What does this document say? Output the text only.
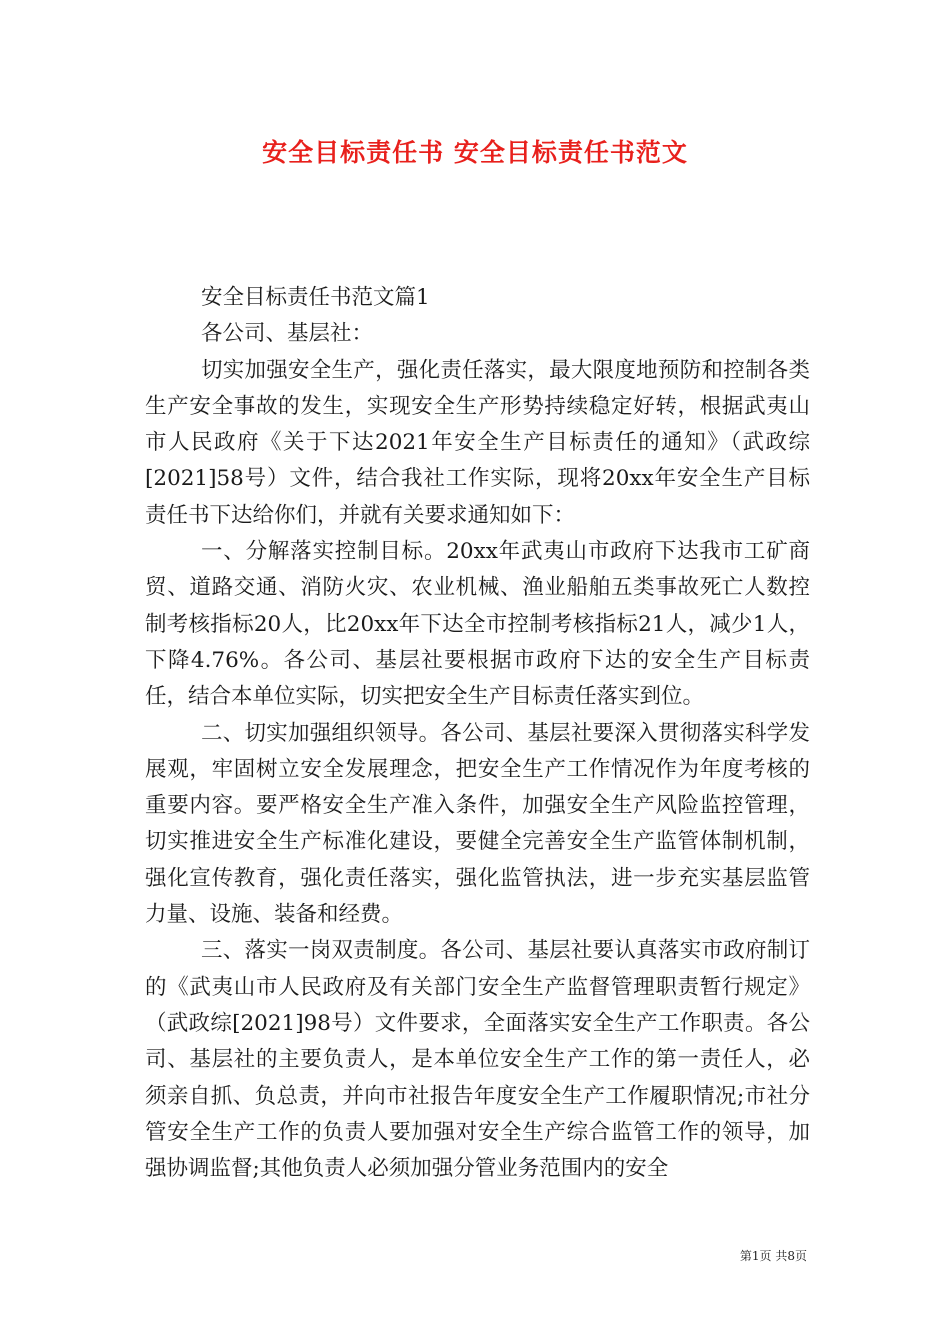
安全目标责任书 安全目标责任书范文

安全目标责任书范文篇1

各公司、基层社：

切实加强安全生产，强化责任落实，最大限度地预防和控制各类生产安全事故的发生，实现安全生产形势持续稳定好转，根据武夷山市人民政府《关于下达2021年安全生产目标责任的通知》（武政综[2021]58号）文件，结合我社工作实际，现将20xx年安全生产目标责任书下达给你们，并就有关要求通知如下：

一、分解落实控制目标。20xx年武夷山市政府下达我市工矿商贸、道路交通、消防火灾、农业机械、渔业船舶五类事故死亡人数控制考核指标20人，比20xx年下达全市控制考核指标21人，减少1人，下降4.76%。各公司、基层社要根据市政府下达的安全生产目标责任，结合本单位实际，切实把安全生产目标责任落实到位。

二、切实加强组织领导。各公司、基层社要深入贯彻落实科学发展观，牢固树立安全发展理念，把安全生产工作情况作为年度考核的重要内容。要严格安全生产准入条件，加强安全生产风险监控管理，切实推进安全生产标准化建设，要健全完善安全生产监管体制机制，强化宣传教育，强化责任落实，强化监管执法，进一步充实基层监管力量、设施、装备和经费。

三、落实一岗双责制度。各公司、基层社要认真落实市政府制订的《武夷山市人民政府及有关部门安全生产监督管理职责暂行规定》（武政综[2021]98号）文件要求，全面落实安全生产工作职责。各公司、基层社的主要负责人，是本单位安全生产工作的第一责任人，必须亲自抓、负总责，并向市社报告年度安全生产工作履职情况;市社分管安全生产工作的负责人要加强对安全生产综合监管工作的领导，加强协调监督;其他负责人必须加强分管业务范围内的安全

第1页 共8页
